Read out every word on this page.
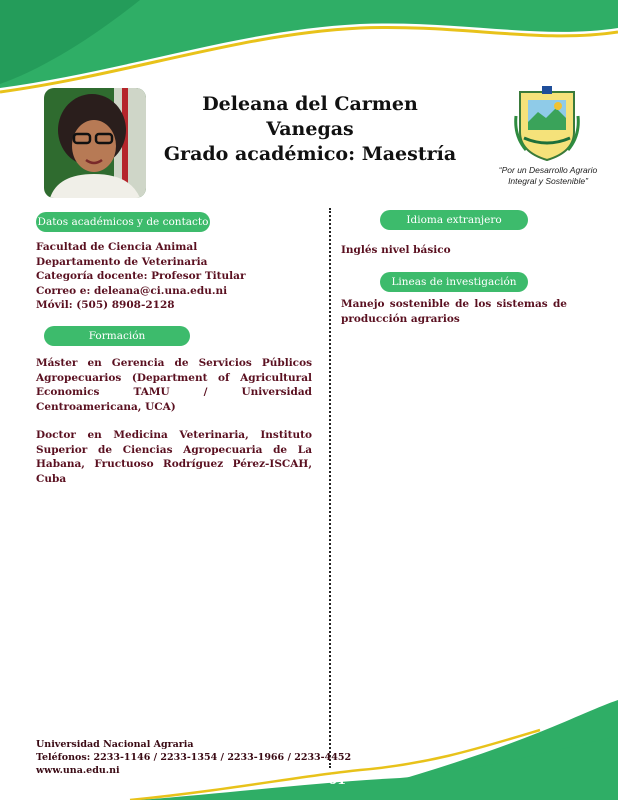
Deleana del Carmen Vanegas
Grado académico: Maestría
“Por un Desarrollo Agrario
Integral y Sostenible”
Datos académicos y de contacto
Facultad de Ciencia Animal
Departamento de Veterinaria
Categoría docente: Profesor Titular
Correo e: deleana@ci.una.edu.ni
Móvil: (505) 8908-2128
Formación
Máster en Gerencia de Servicios Públicos Agropecuarios (Department of Agricultural Economics TAMU / Universidad Centroamericana, UCA)
Doctor en Medicina Veterinaria, Instituto Superior de Ciencias Agropecuaria de La Habana, Fructuoso Rodríguez Pérez-ISCAH, Cuba
Idioma extranjero
Inglés nivel básico
Lineas de investigación
Manejo sostenible de los sistemas de producción agrarios
Universidad Nacional Agraria
Teléfonos: 2233-1146 / 2233-1354 / 2233-1966 / 2233-4452
www.una.edu.ni
61
